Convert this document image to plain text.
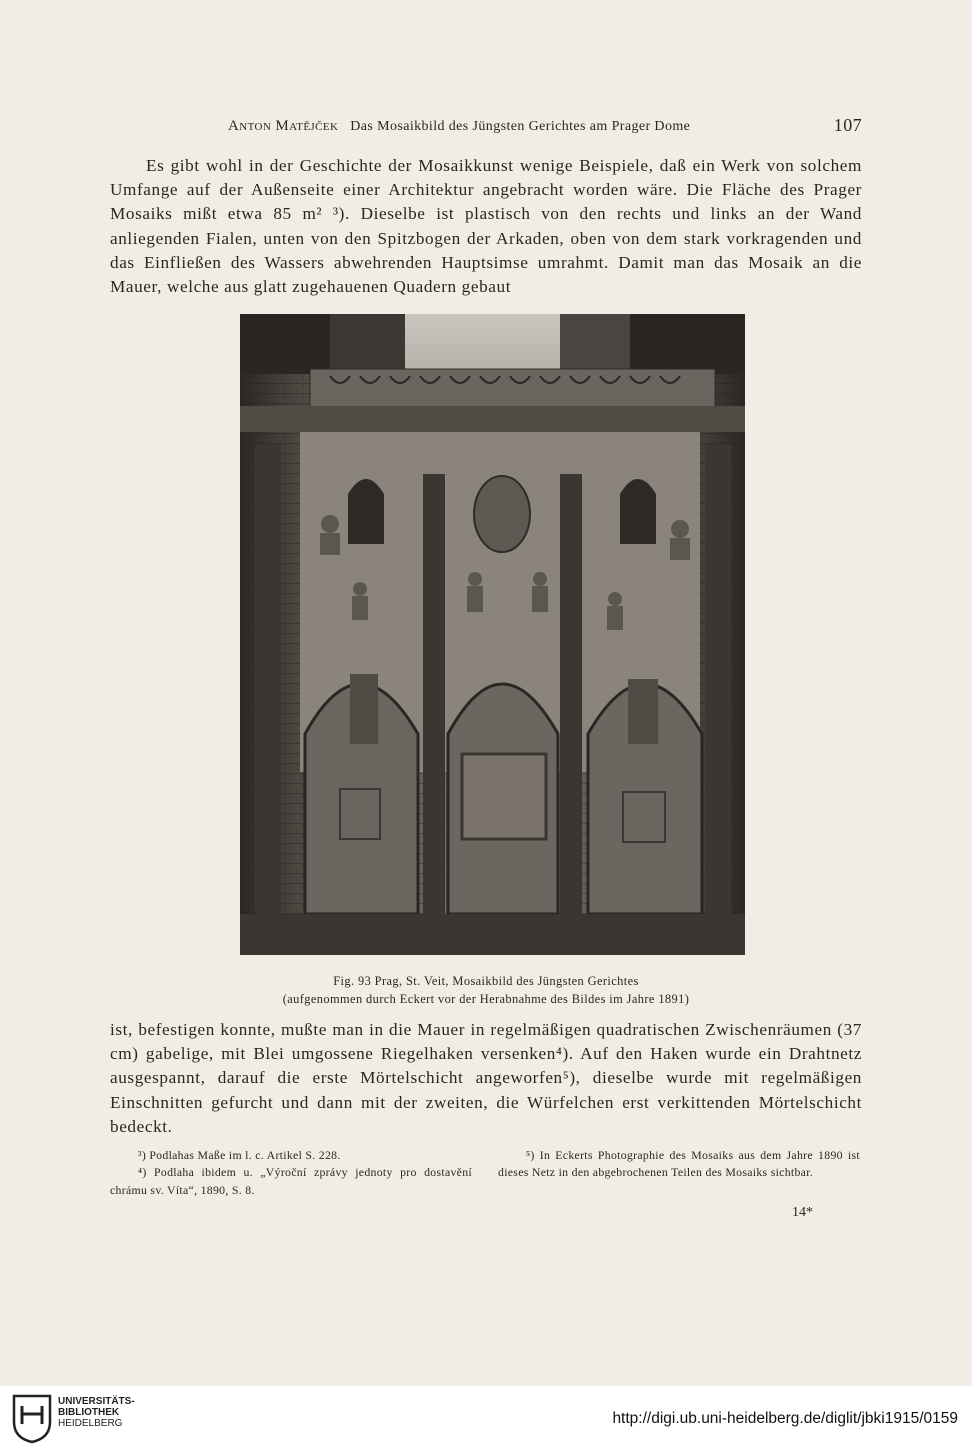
Anton Matějček Das Mosaikbild des Jüngsten Gerichtes am Prager Dome	107

Es gibt wohl in der Geschichte der Mosaikkunst wenige Beispiele, daß ein Werk von solchem Umfange auf der Außenseite einer Architektur angebracht worden wäre. Die Fläche des Prager Mosaiks mißt etwa 85 m² ³). Dieselbe ist plastisch von den rechts und links an der Wand anliegenden Fialen, unten von den Spitzbogen der Arkaden, oben von dem stark vorkragenden und das Einfließen des Wassers abwehrenden Hauptsimse umrahmt. Damit man das Mosaik an die Mauer, welche aus glatt zugehauenen Quadern gebaut

Fig. 93 Prag, St. Veit, Mosaikbild des Jüngsten Gerichtes
(aufgenommen durch Eckert vor der Herabnahme des Bildes im Jahre 1891)

ist, befestigen konnte, mußte man in die Mauer in regelmäßigen quadratischen Zwischenräumen (37 cm) gabelige, mit Blei umgossene Riegelhaken versenken⁴). Auf den Haken wurde ein Drahtnetz ausgespannt, darauf die erste Mörtelschicht angeworfen⁵), dieselbe wurde mit regelmäßigen Einschnitten gefurcht und dann mit der zweiten, die Würfelchen erst verkittenden Mörtelschicht bedeckt.

³) Podlahas Maße im l. c. Artikel S. 228.

⁴) Podlaha ibidem u. „Výroční zprávy jednoty pro dostavění chrámu sv. Víta“, 1890, S. 8.

⁵) In Eckerts Photographie des Mosaiks aus dem Jahre 1890 ist dieses Netz in den abgebrochenen Teilen des Mosaiks sichtbar.

14*
UNIVERSITÄTS-
BIBLIOTHEK
HEIDELBERG	http://digi.ub.uni-heidelberg.de/diglit/jbki1915/0159
